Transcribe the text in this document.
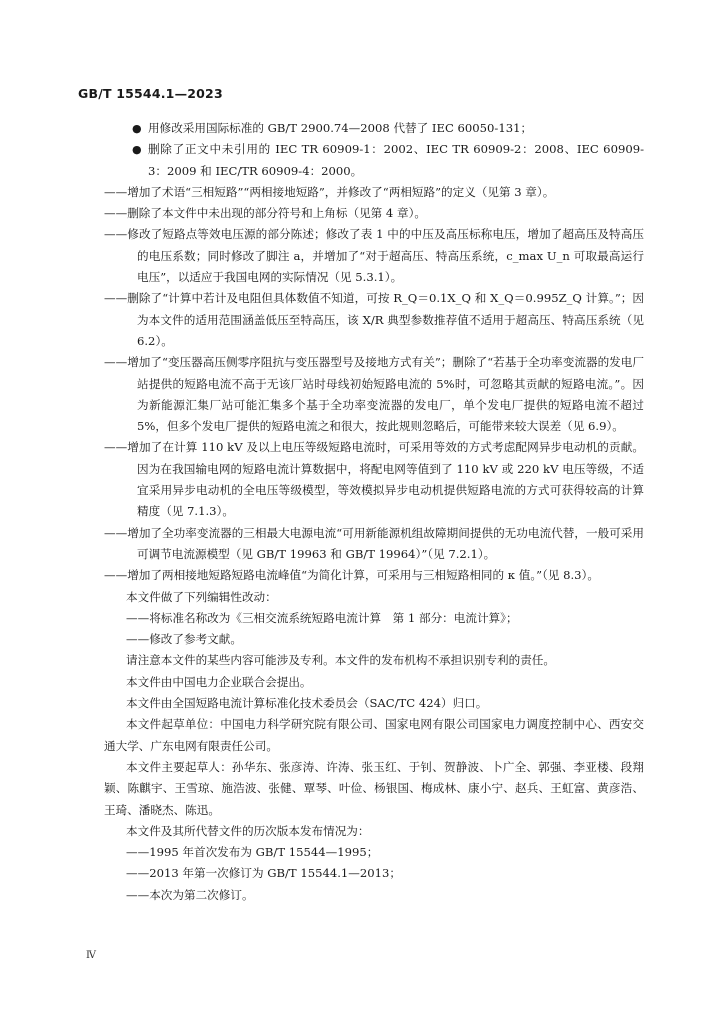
GB/T 15544.1—2023

● 用修改采用国际标准的 GB/T 2900.74—2008 代替了 IEC 60050-131；

● 删除了正文中未引用的 IEC TR 60909-1：2002、IEC TR 60909-2：2008、IEC 60909-3：2009 和 IEC/TR 60909-4：2000。

——增加了术语“三相短路”“两相接地短路”，并修改了“两相短路”的定义（见第 3 章）。

——删除了本文件中未出现的部分符号和上角标（见第 4 章）。

——修改了短路点等效电压源的部分陈述；修改了表 1 中的中压及高压标称电压，增加了超高压及特高压的电压系数；同时修改了脚注 a，并增加了“对于超高压、特高压系统，c_max U_n 可取最高运行电压”，以适应于我国电网的实际情况（见 5.3.1）。

——删除了“计算中若计及电阻但具体数值不知道，可按 R_Q＝0.1X_Q 和 X_Q＝0.995Z_Q 计算。”；因为本文件的适用范围涵盖低压至特高压，该 X/R 典型参数推荐值不适用于超高压、特高压系统（见 6.2）。

——增加了“变压器高压侧零序阻抗与变压器型号及接地方式有关”；删除了“若基于全功率变流器的发电厂站提供的短路电流不高于无该厂站时母线初始短路电流的 5%时，可忽略其贡献的短路电流。”。因为新能源汇集厂站可能汇集多个基于全功率变流器的发电厂，单个发电厂提供的短路电流不超过 5%，但多个发电厂提供的短路电流之和很大，按此规则忽略后，可能带来较大误差（见 6.9）。

——增加了在计算 110 kV 及以上电压等级短路电流时，可采用等效的方式考虑配网异步电动机的贡献。因为在我国输电网的短路电流计算数据中，将配电网等值到了 110 kV 或 220 kV 电压等级，不适宜采用异步电动机的全电压等级模型，等效模拟异步电动机提供短路电流的方式可获得较高的计算精度（见 7.1.3）。

——增加了全功率变流器的三相最大电源电流“可用新能源机组故障期间提供的无功电流代替，一般可采用可调节电流源模型（见 GB/T 19963 和 GB/T 19964）”（见 7.2.1）。

——增加了两相接地短路短路电流峰值“为简化计算，可采用与三相短路相同的 κ 值。”（见 8.3）。

本文件做了下列编辑性改动：

——将标准名称改为《三相交流系统短路电流计算　第 1 部分：电流计算》；

——修改了参考文献。

请注意本文件的某些内容可能涉及专利。本文件的发布机构不承担识别专利的责任。

本文件由中国电力企业联合会提出。

本文件由全国短路电流计算标准化技术委员会（SAC/TC 424）归口。

本文件起草单位：中国电力科学研究院有限公司、国家电网有限公司国家电力调度控制中心、西安交通大学、广东电网有限责任公司。

本文件主要起草人：孙华东、张彦涛、许涛、张玉红、于钊、贺静波、卜广全、郭强、李亚楼、段翔颖、陈麒宇、王雪琼、施浩波、张健、覃琴、叶俭、杨银国、梅成林、康小宁、赵兵、王虹富、黄彦浩、王琦、潘晓杰、陈迅。

本文件及其所代替文件的历次版本发布情况为：

——1995 年首次发布为 GB/T 15544—1995；

——2013 年第一次修订为 GB/T 15544.1—2013；

——本次为第二次修订。

Ⅳ
